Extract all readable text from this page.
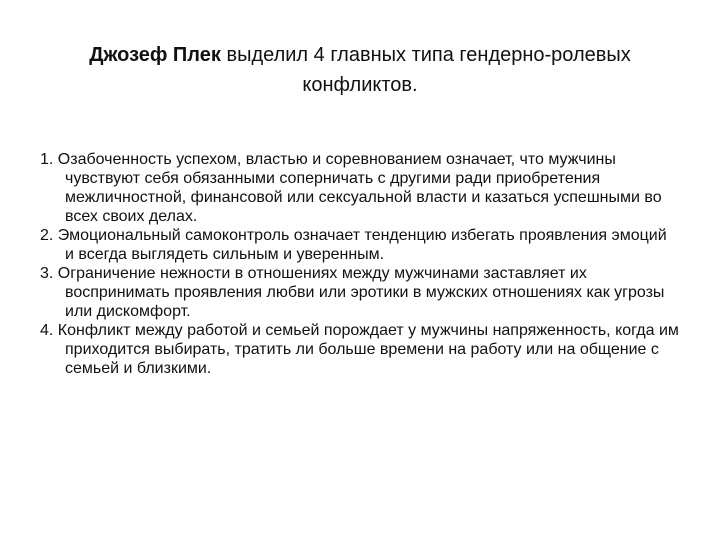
Джозеф Плек выделил 4 главных типа гендерно-ролевых конфликтов.
1. Озабоченность успехом, властью и соревнованием означает, что мужчины чувствуют себя обязанными соперничать с другими ради приобретения межличностной, финансовой или сексуальной власти и казаться успешными во всех своих делах.
2. Эмоциональный самоконтроль означает тенденцию избегать проявления эмоций и всегда выглядеть сильным и уверенным.
3. Ограничение нежности в отношениях между мужчинами заставляет их воспринимать проявления любви или эротики в мужских отношениях как угрозы или дискомфорт.
4. Конфликт между работой и семьей порождает у мужчины напряженность, когда им приходится выбирать, тратить ли больше времени на работу или на общение с семьей и близкими.
